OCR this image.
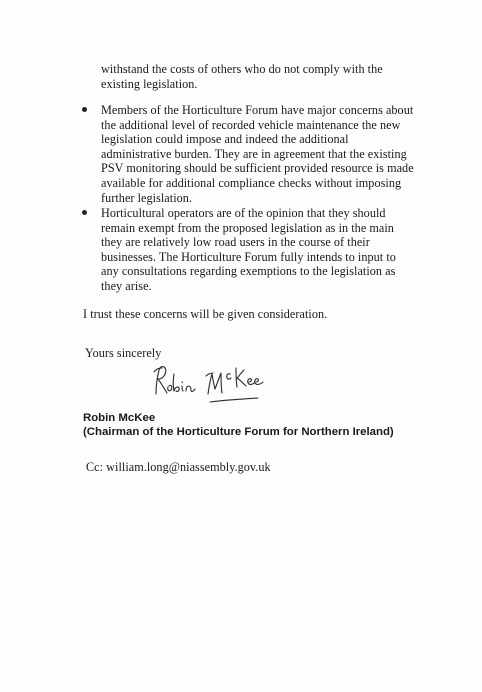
withstand the costs of others who do not comply with the
existing legislation.
Members of the Horticulture Forum have major concerns about
the additional level of recorded vehicle maintenance the new
legislation could impose and indeed the additional
administrative burden. They are in agreement that the existing
PSV monitoring should be sufficient provided resource is made
available for additional compliance checks without imposing
further legislation.
Horticultural operators are of the opinion that they should
remain exempt from the proposed legislation as in the main
they are relatively low road users in the course of their
businesses. The Horticulture Forum fully intends to input to
any consultations regarding exemptions to the legislation as
they arise.
I trust these concerns will be given consideration.
Yours sincerely
Robin McKee
(Chairman of the Horticulture Forum for Northern Ireland)
Cc: william.long@niassembly.gov.uk
